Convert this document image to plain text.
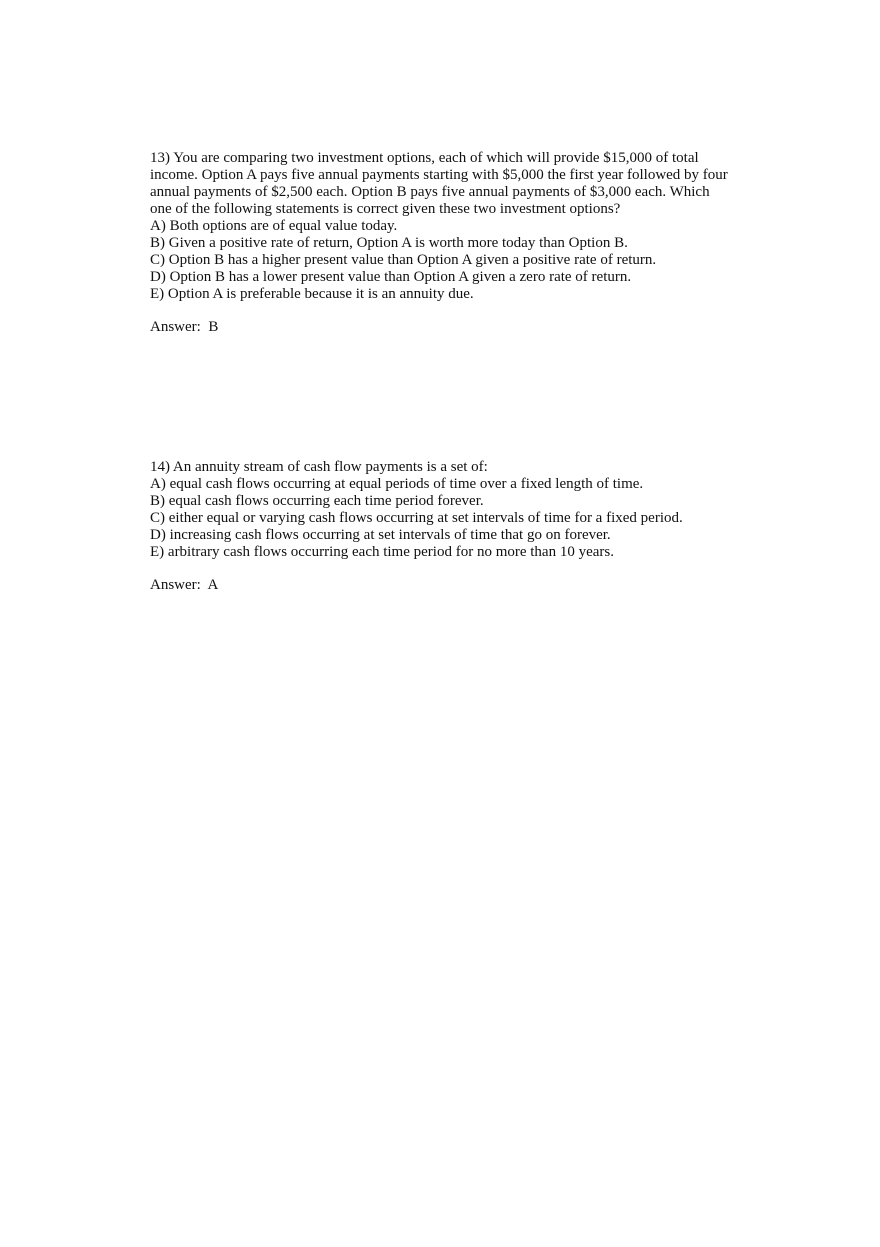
13) You are comparing two investment options, each of which will provide $15,000 of total
income. Option A pays five annual payments starting with $5,000 the first year followed by four
annual payments of $2,500 each. Option B pays five annual payments of $3,000 each. Which
one of the following statements is correct given these two investment options?
A) Both options are of equal value today.
B) Given a positive rate of return, Option A is worth more today than Option B.
C) Option B has a higher present value than Option A given a positive rate of return.
D) Option B has a lower present value than Option A given a zero rate of return.
E) Option A is preferable because it is an annuity due.
Answer:  B
14) An annuity stream of cash flow payments is a set of:
A) equal cash flows occurring at equal periods of time over a fixed length of time.
B) equal cash flows occurring each time period forever.
C) either equal or varying cash flows occurring at set intervals of time for a fixed period.
D) increasing cash flows occurring at set intervals of time that go on forever.
E) arbitrary cash flows occurring each time period for no more than 10 years.
Answer:  A
